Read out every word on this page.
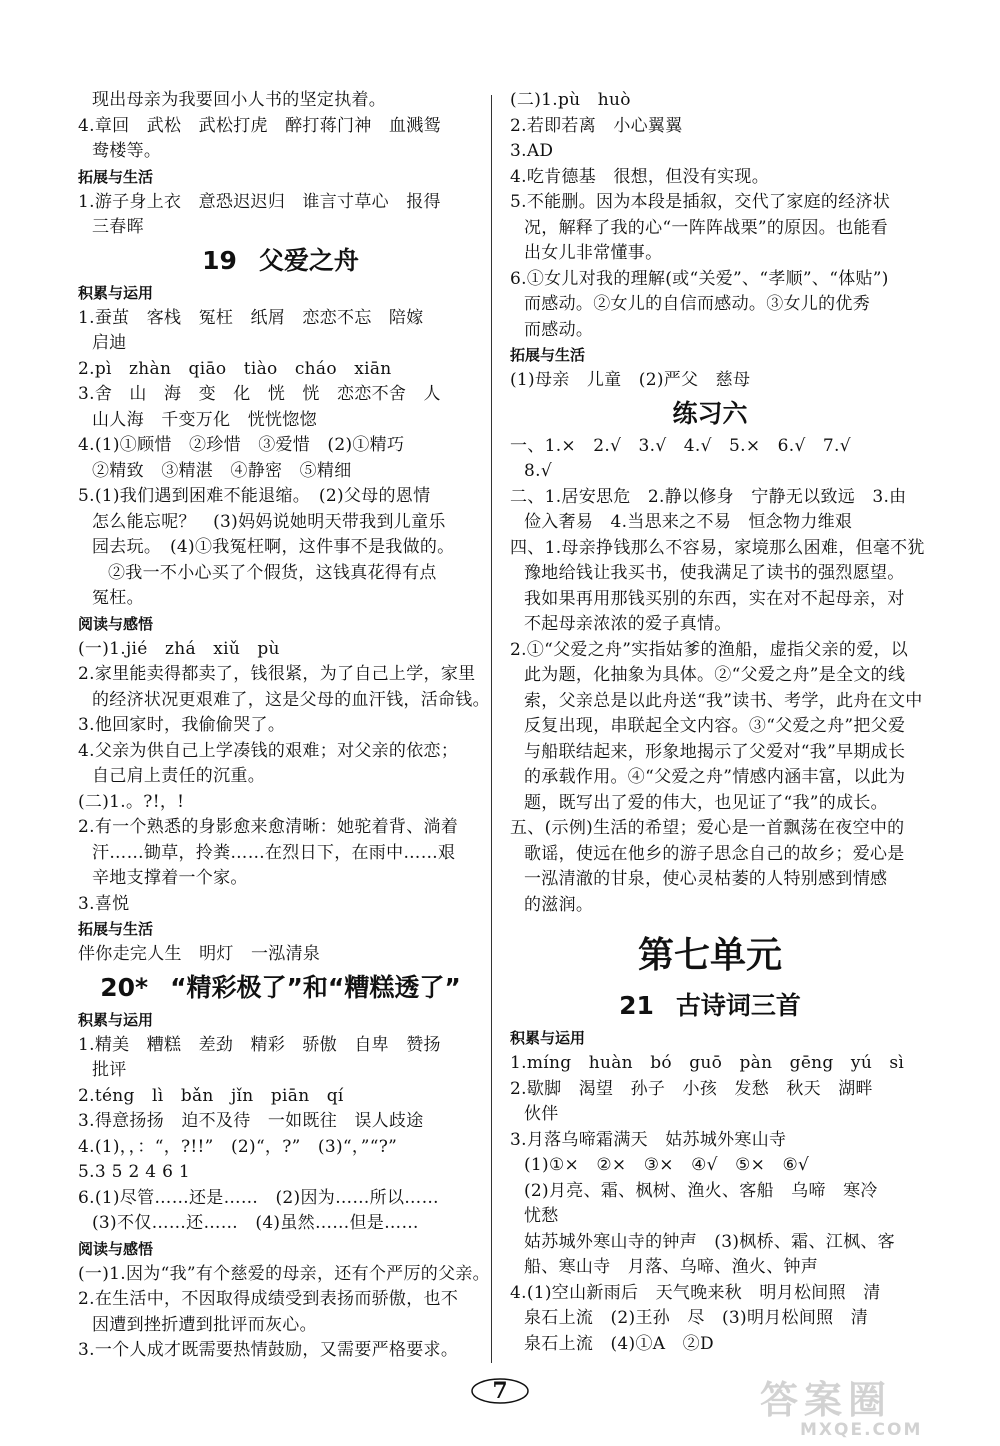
现出母亲为我要回小人书的坚定执着。
4.章回　武松　武松打虎　醉打蒋门神　血溅鸳
鸯楼等。
拓展与生活
1.游子身上衣　意恐迟迟归　谁言寸草心　报得
三春晖
19 父爱之舟
积累与运用
1.蚕茧　客栈　冤枉　纸屑　恋恋不忘　陪嫁
启迪
2.pì　zhàn　qiāo　tiào　cháo　xiān
3.舍　山　海　变　化　恍　恍　恋恋不舍　人
山人海　千变万化　恍恍惚惚
4.(1)①顾惜　②珍惜　③爱惜　(2)①精巧
②精致　③精湛　④静密　⑤精细
5.(1)我们遇到困难不能退缩。　(2)父母的恩情
怎么能忘呢？　(3)妈妈说她明天带我到儿童乐
园去玩。　(4)①我冤枉啊，这件事不是我做的。
②我一不小心买了个假货，这钱真花得有点
冤枉。
阅读与感悟
(一)1.jié　zhá　xiǔ　pù
2.家里能卖得都卖了，钱很紧，为了自己上学，家里
的经济状况更艰难了，这是父母的血汗钱，活命钱。
3.他回家时，我偷偷哭了。
4.父亲为供自己上学凑钱的艰难；对父亲的依恋；
自己肩上责任的沉重。
(二)1.。?!，!
2.有一个熟悉的身影愈来愈清晰：她驼着背、淌着
汗……锄草，拎粪……在烈日下，在雨中……艰
辛地支撑着一个家。
3.喜悦
拓展与生活
伴你走完人生　明灯　一泓清泉
20* “精彩极了”和“糟糕透了”
积累与运用
1.精美　糟糕　差劲　精彩　骄傲　自卑　赞扬
批评
2.téng　lì　bǎn　jǐn　piān　qí
3.得意扬扬　迫不及待　一如既往　误人歧途
4.(1)，，：“，?!!”　(2)“，?”　(3)“，”“?”
5.3 5 2 4 6 1
6.(1)尽管……还是……　(2)因为……所以……
(3)不仅……还……　(4)虽然……但是……
阅读与感悟
(一)1.因为“我”有个慈爱的母亲，还有个严厉的父亲。
2.在生活中，不因取得成绩受到表扬而骄傲，也不
因遭到挫折遭到批评而灰心。
3.一个人成才既需要热情鼓励，又需要严格要求。
(二)1.pù　huò
2.若即若离　小心翼翼
3.AD
4.吃肯德基　很想，但没有实现。
5.不能删。因为本段是插叙，交代了家庭的经济状
况，解释了我的心“一阵阵战栗”的原因。也能看
出女儿非常懂事。
6.①女儿对我的理解(或“关爱”、“孝顺”、“体贴”)
而感动。②女儿的自信而感动。③女儿的优秀
而感动。
拓展与生活
(1)母亲　儿童　(2)严父　慈母
练习六
一、1.×　2.√　3.√　4.√　5.×　6.√　7.√
8.√
二、1.居安思危　2.静以修身　宁静无以致远　3.由
俭入奢易　4.当思来之不易　恒念物力维艰
四、1.母亲挣钱那么不容易，家境那么困难，但毫不犹
豫地给钱让我买书，使我满足了读书的强烈愿望。
我如果再用那钱买别的东西，实在对不起母亲，对
不起母亲浓浓的爱子真情。
2.①“父爱之舟”实指姑爹的渔船，虚指父亲的爱，以
此为题，化抽象为具体。②“父爱之舟”是全文的线
索，父亲总是以此舟送“我”读书、考学，此舟在文中
反复出现，串联起全文内容。③“父爱之舟”把父爱
与船联结起来，形象地揭示了父爱对“我”早期成长
的承载作用。④“父爱之舟”情感内涵丰富，以此为
题，既写出了爱的伟大，也见证了“我”的成长。
五、(示例)生活的希望；爱心是一首飘荡在夜空中的
歌谣，使远在他乡的游子思念自己的故乡；爱心是
一泓清澈的甘泉，使心灵枯萎的人特别感到情感
的滋润。
第七单元
21 古诗词三首
积累与运用
1.míng　huàn　bó　guō　pàn　gēng　yú　sì
2.歇脚　渴望　孙子　小孩　发愁　秋天　湖畔
伙伴
3.月落乌啼霜满天　姑苏城外寒山寺
(1)①×　②×　③×　④√　⑤×　⑥√
(2)月亮、霜、枫树、渔火、客船　乌啼　寒冷
忧愁
姑苏城外寒山寺的钟声　(3)枫桥、霜、江枫、客
船、寒山寺　月落、乌啼、渔火、钟声
4.(1)空山新雨后　天气晚来秋　明月松间照　清
泉石上流　(2)王孙　尽　(3)明月松间照　清
泉石上流　(4)①A　②D
7	答案圈
MXQE.COM
